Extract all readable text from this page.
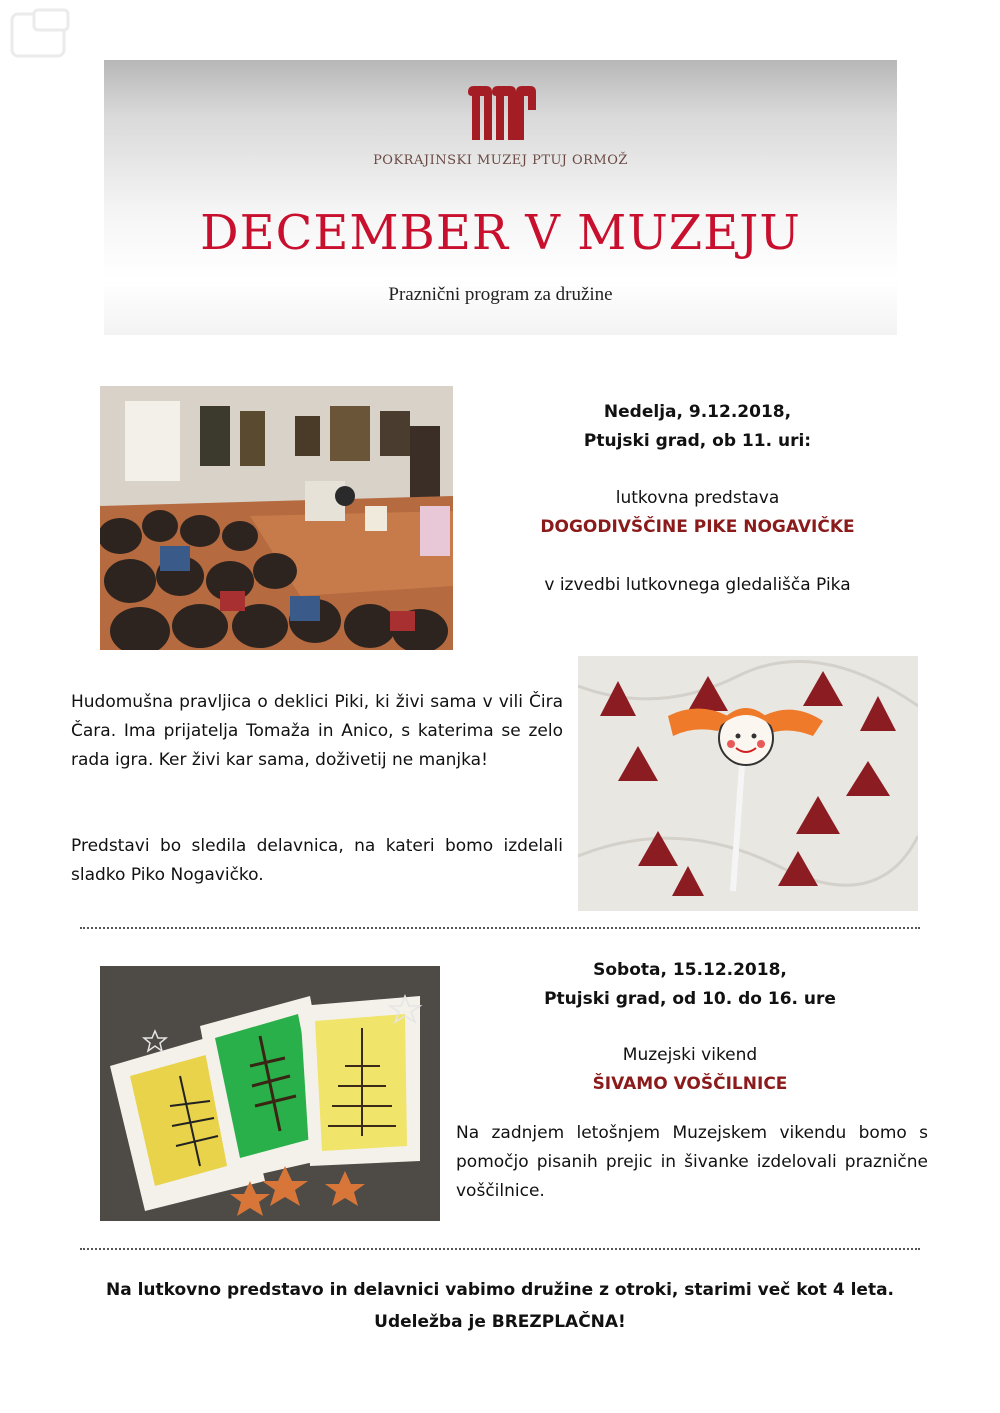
POKRAJINSKI MUZEJ PTUJ ORMOŽ
DECEMBER V MUZEJU
Praznični program za družine
Nedelja, 9.12.2018,
Ptujski grad, ob 11. uri:
lutkovna predstava
DOGODIVŠČINE PIKE NOGAVIČKE
v izvedbi lutkovnega gledališča Pika
Hudomušna pravljica o deklici Piki, ki živi sama v vili Čira Čara. Ima prijatelja Tomaža in Anico, s katerima se zelo rada igra. Ker živi kar sama, doživetij ne manjka!
Predstavi bo sledila delavnica, na kateri bomo izdelali sladko Piko Nogavičko.
Sobota, 15.12.2018,
Ptujski grad, od 10. do 16. ure
Muzejski vikend
ŠIVAMO VOŠČILNICE
Na zadnjem letošnjem Muzejskem vikendu bomo s pomočjo pisanih prejic in šivanke izdelovali praznične voščilnice.
Na lutkovno predstavo in delavnici vabimo družine z otroki, starimi več kot 4 leta.
Udeležba je BREZPLAČNA!
